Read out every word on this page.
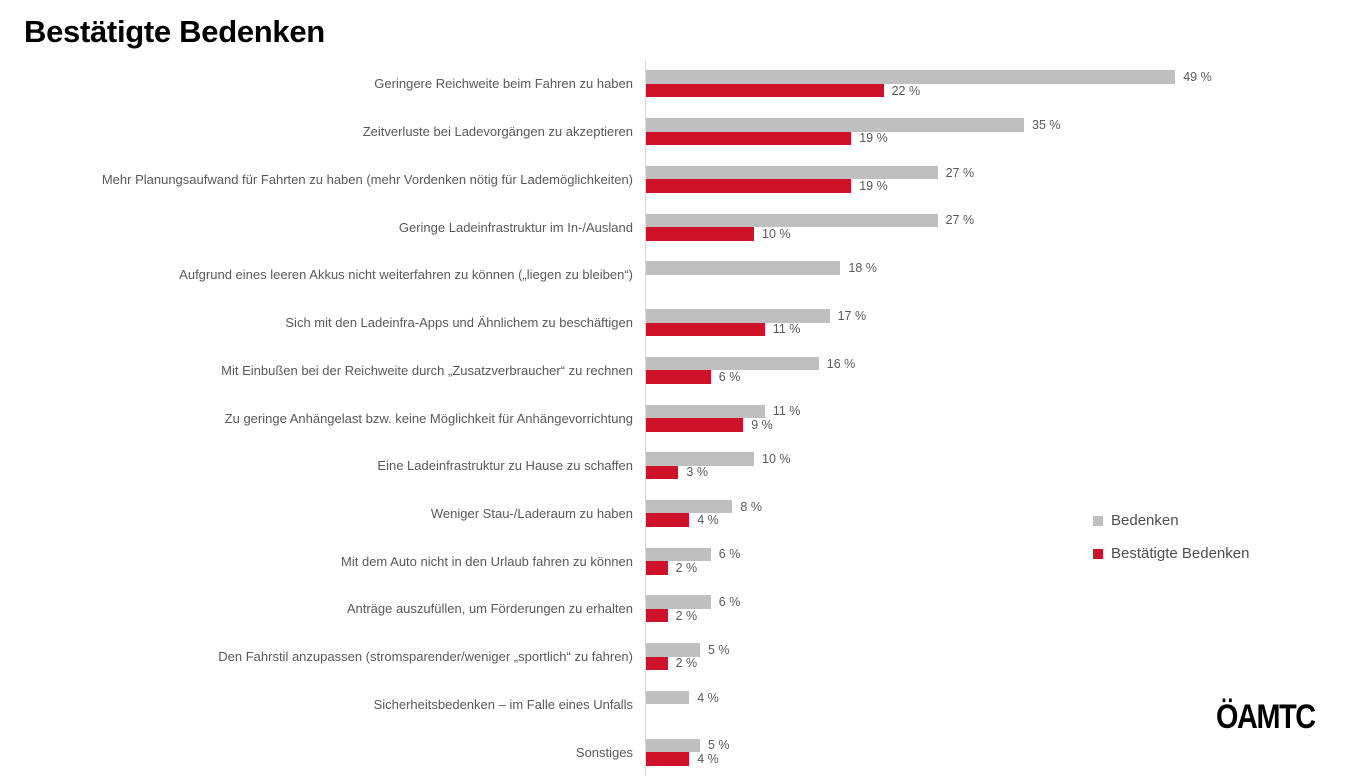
Bestätigte Bedenken
Geringere Reichweite beim Fahren zu haben	49 %
22 %
Zeitverluste bei Ladevorgängen zu akzeptieren	35 %
19 %
Mehr Planungsaufwand für Fahrten zu haben (mehr Vordenken nötig für Lademöglichkeiten)	27 %
19 %
Geringe Ladeinfrastruktur im In-/Ausland	27 %
10 %
Aufgrund eines leeren Akkus nicht weiterfahren zu können („liegen zu bleiben“)	18 %
Sich mit den Ladeinfra-Apps und Ähnlichem zu beschäftigen	17 %
11 %
Mit Einbußen bei der Reichweite durch „Zusatzverbraucher“ zu rechnen	16 %
6 %
Zu geringe Anhängelast bzw. keine Möglichkeit für Anhängevorrichtung	11 %
9 %
Eine Ladeinfrastruktur zu Hause zu schaffen	10 %
3 %
Weniger Stau-/Laderaum zu haben	8 %
4 %
Mit dem Auto nicht in den Urlaub fahren zu können	6 %
2 %
Anträge auszufüllen, um Förderungen zu erhalten	6 %
2 %
Den Fahrstil anzupassen (stromsparender/weniger „sportlich“ zu fahren)	5 %
2 %
Sicherheitsbedenken – im Falle eines Unfalls	4 %
Sonstiges	5 %
4 %
Bedenken
Bestätigte Bedenken
ÖAMTC
